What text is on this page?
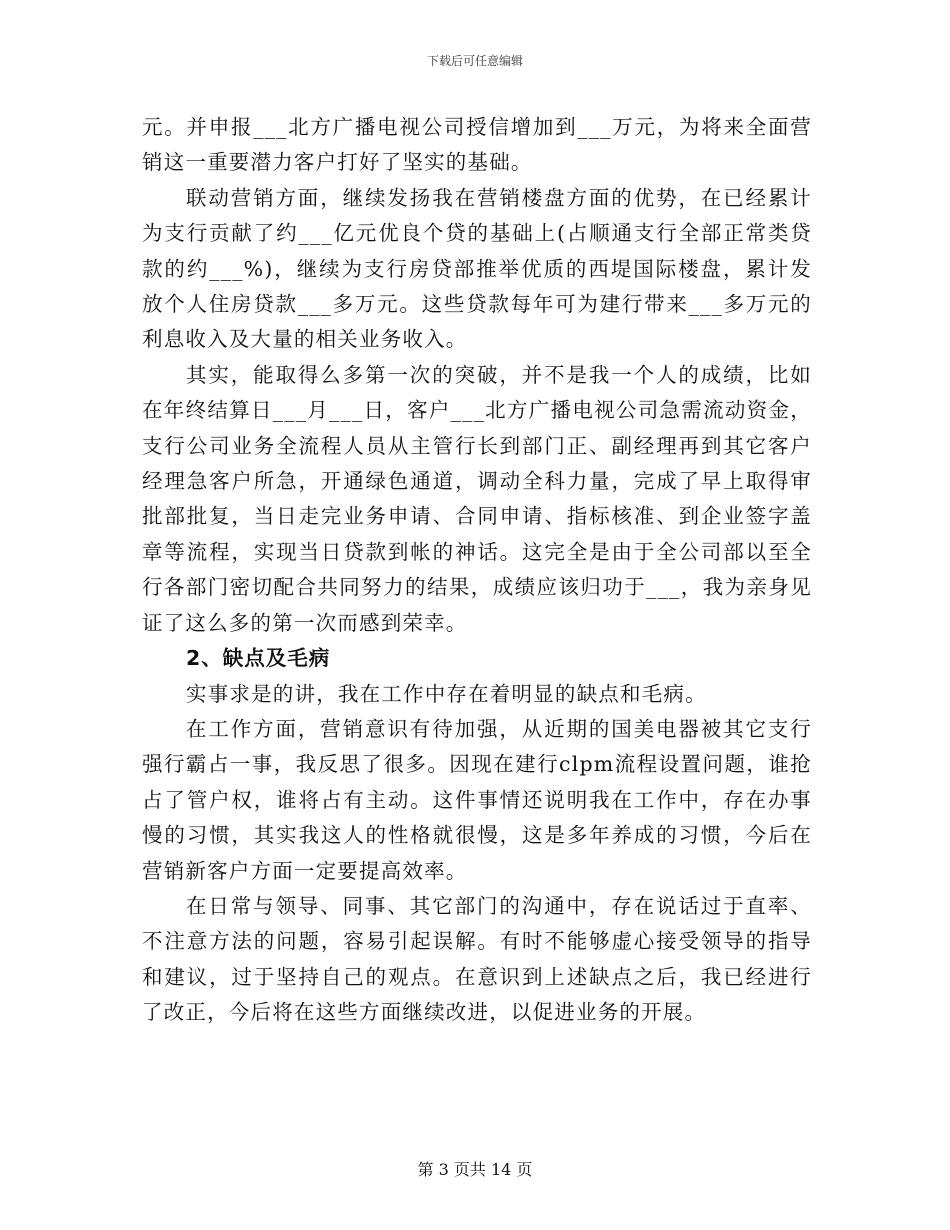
下载后可任意编辑

元。并申报___北方广播电视公司授信增加到___万元，为将来全面营销这一重要潜力客户打好了坚实的基础。

联动营销方面，继续发扬我在营销楼盘方面的优势，在已经累计为支行贡献了约___亿元优良个贷的基础上(占顺通支行全部正常类贷款的约___%)，继续为支行房贷部推举优质的西堤国际楼盘，累计发放个人住房贷款___多万元。这些贷款每年可为建行带来___多万元的利息收入及大量的相关业务收入。

其实，能取得么多第一次的突破，并不是我一个人的成绩，比如在年终结算日___月___日，客户___北方广播电视公司急需流动资金，支行公司业务全流程人员从主管行长到部门正、副经理再到其它客户经理急客户所急，开通绿色通道，调动全科力量，完成了早上取得审批部批复，当日走完业务申请、合同申请、指标核准、到企业签字盖章等流程，实现当日贷款到帐的神话。这完全是由于全公司部以至全行各部门密切配合共同努力的结果，成绩应该归功于___，我为亲身见证了这么多的第一次而感到荣幸。

2、缺点及毛病

实事求是的讲，我在工作中存在着明显的缺点和毛病。

在工作方面，营销意识有待加强，从近期的国美电器被其它支行强行霸占一事，我反思了很多。因现在建行clpm流程设置问题，谁抢占了管户权，谁将占有主动。这件事情还说明我在工作中，存在办事慢的习惯，其实我这人的性格就很慢，这是多年养成的习惯，今后在营销新客户方面一定要提高效率。

在日常与领导、同事、其它部门的沟通中，存在说话过于直率、不注意方法的问题，容易引起误解。有时不能够虚心接受领导的指导和建议，过于坚持自己的观点。在意识到上述缺点之后，我已经进行了改正，今后将在这些方面继续改进，以促进业务的开展。

第 3 页共 14 页
